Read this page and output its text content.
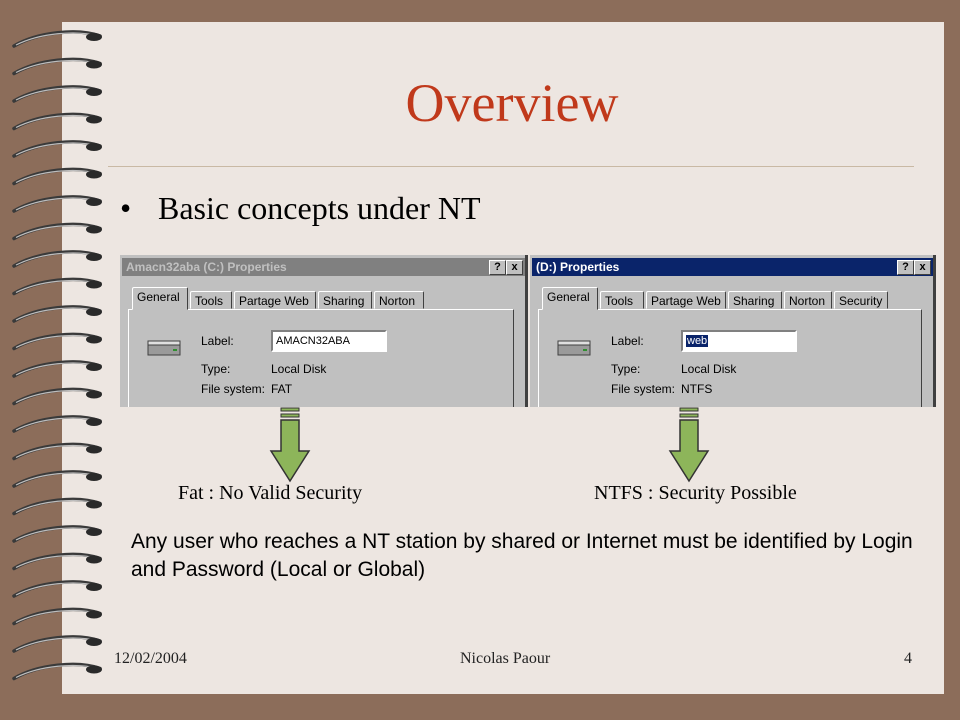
Overview
• Basic concepts under NT
Amacn32aba (C:) Properties	? x
General	Tools	Partage Web	Sharing	Norton
Label:	AMACN32ABA
Type:	Local Disk
File system: FAT
(D:) Properties	? x
General	Tools	Partage Web	Sharing	Norton	Security
Label:	web
Type:	Local Disk
File system: NTFS
Fat : No Valid Security	NTFS : Security Possible
Any user who reaches a NT station by shared or Internet must be identified by Login and Password (Local or Global)
12/02/2004	Nicolas Paour	4
